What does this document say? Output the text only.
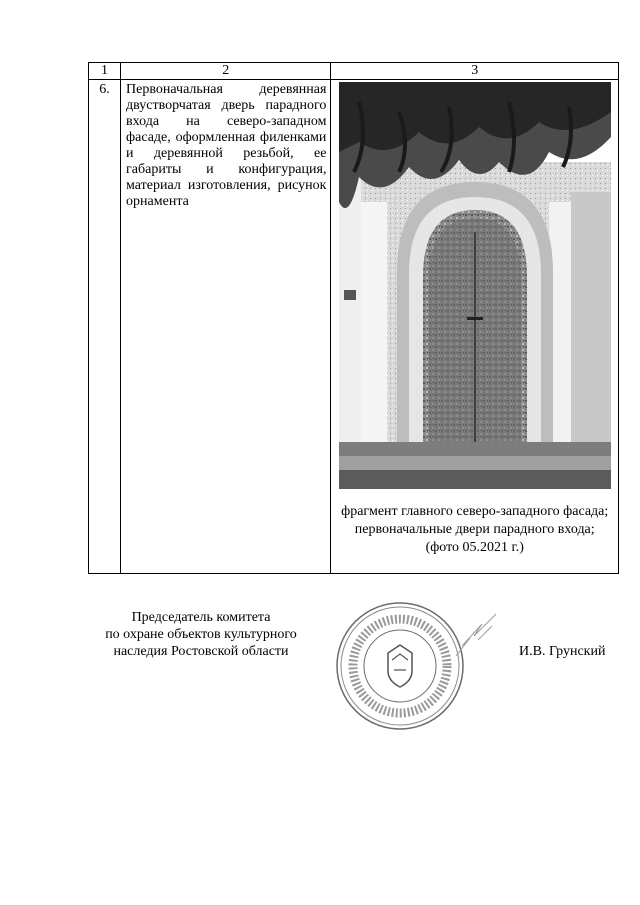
1	2	3
6.	Первоначальная деревянная двустворчатая дверь парадного входа на северо-западном фасаде, оформленная филенками и деревянной резьбой, ее габариты и конфигурация, материал изготовления, рисунок орнамента	фрагмент главного северо-западного фасада; первоначальные двери парадного входа; (фото 05.2021 г.)
Председатель комитета
по охране объектов культурного
наследия Ростовской области	И.В. Грунский
